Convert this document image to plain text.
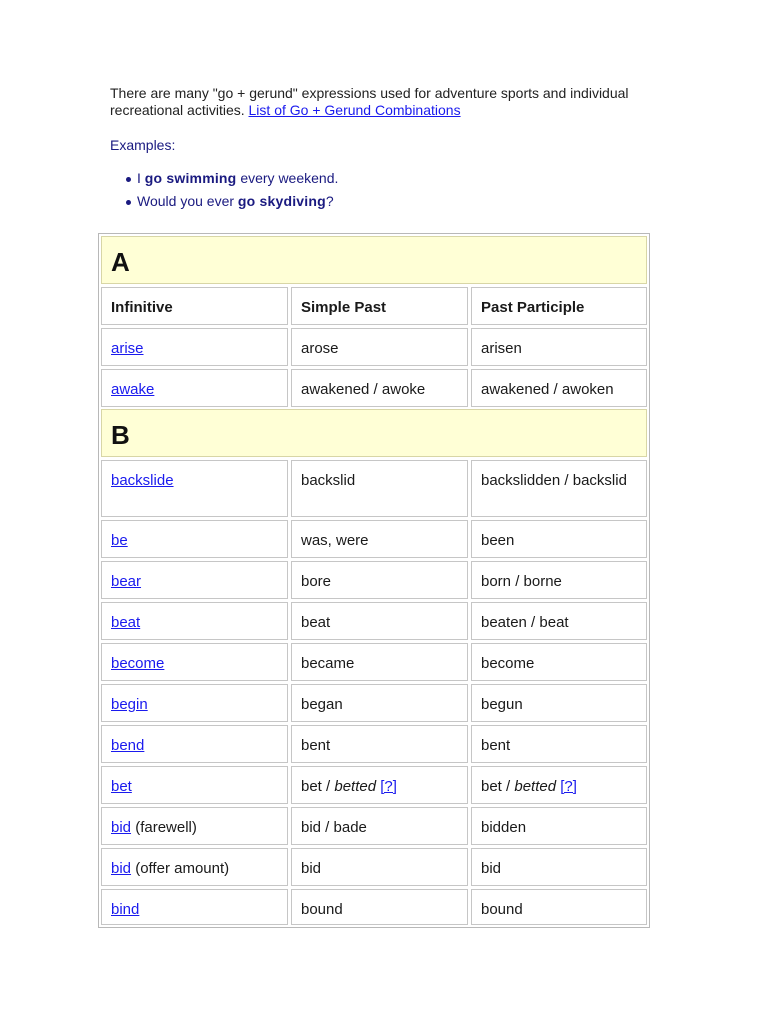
There are many "go + gerund" expressions used for adventure sports and individual recreational activities. List of Go + Gerund Combinations
Examples:
I go swimming every weekend.
Would you ever go skydiving?
A
Infinitive	Simple Past	Past Participle
arise	arose	arisen
awake	awakened / awoke	awakened / awoken
B
backslide	backslid	backslidden / backslid
be	was, were	been
bear	bore	born / borne
beat	beat	beaten / beat
become	became	become
begin	began	begun
bend	bent	bent
bet	bet / betted [?]	bet / betted [?]
bid (farewell)	bid / bade	bidden
bid (offer amount)	bid	bid
bind	bound	bound
